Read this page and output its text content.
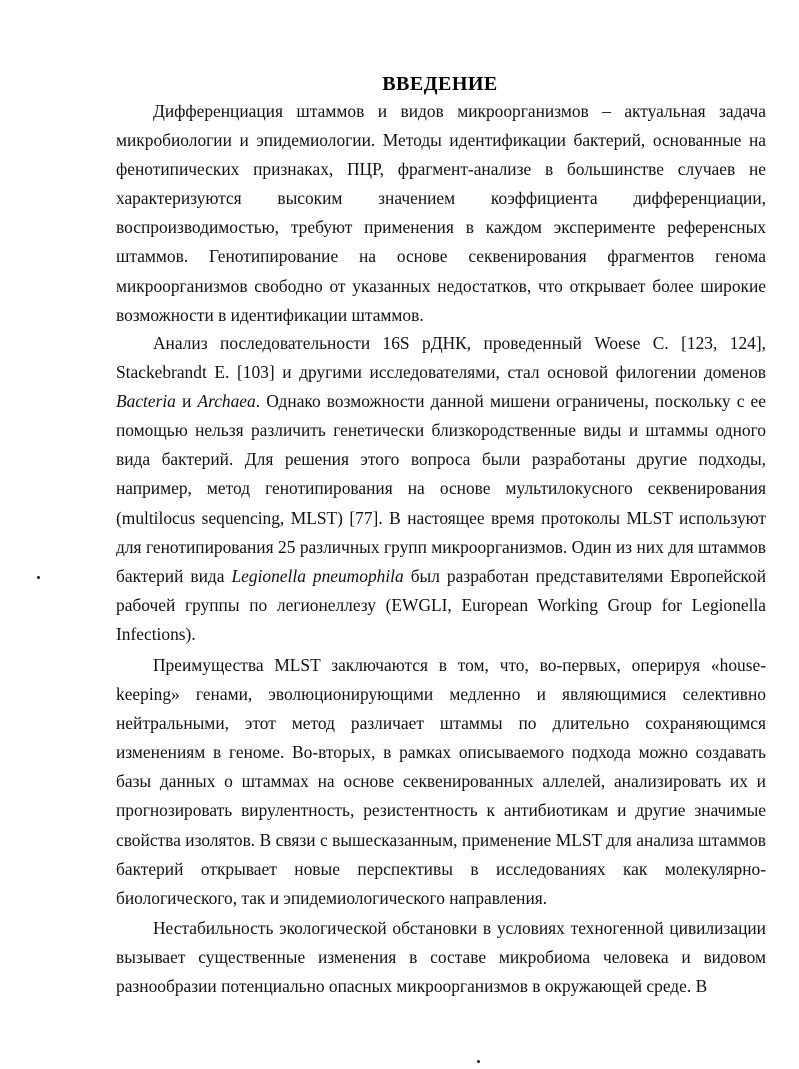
ВВЕДЕНИЕ

Дифференциация штаммов и видов микроорганизмов – актуальная задача микробиологии и эпидемиологии. Методы идентификации бактерий, основанные на фенотипических признаках, ПЦР, фрагмент-анализе в большинстве случаев не характеризуются высоким значением коэффициента дифференциации, воспроизводимостью, требуют применения в каждом эксперименте референсных штаммов. Генотипирование на основе секвенирования фрагментов генома микроорганизмов свободно от указанных недостатков, что открывает более широкие возможности в идентификации штаммов.

Анализ последовательности 16S рДНК, проведенный Woese C. [123, 124], Stackebrandt E. [103] и другими исследователями, стал основой филогении доменов Bacteria и Archaea. Однако возможности данной мишени ограничены, поскольку с ее помощью нельзя различить генетически близкородственные виды и штаммы одного вида бактерий. Для решения этого вопроса были разработаны другие подходы, например, метод генотипирования на основе мультилокусного секвенирования (multilocus sequencing, MLST) [77]. В настоящее время протоколы MLST используют для генотипирования 25 различных групп микроорганизмов. Один из них для штаммов бактерий вида Legionella pneumophila был разработан представителями Европейской рабочей группы по легионеллезу (EWGLI, European Working Group for Legionella Infections).

Преимущества MLST заключаются в том, что, во-первых, оперируя «house-keeping» генами, эволюционирующими медленно и являющимися селективно нейтральными, этот метод различает штаммы по длительно сохраняющимся изменениям в геноме. Во-вторых, в рамках описываемого подхода можно создавать базы данных о штаммах на основе секвенированных аллелей, анализировать их и прогнозировать вирулентность, резистентность к антибиотикам и другие значимые свойства изолятов. В связи с вышесказанным, применение MLST для анализа штаммов бактерий открывает новые перспективы в исследованиях как молекулярно-биологического, так и эпидемиологического направления.

Нестабильность экологической обстановки в условиях техногенной цивилизации вызывает существенные изменения в составе микробиома человека и видовом разнообразии потенциально опасных микроорганизмов в окружающей среде. В
